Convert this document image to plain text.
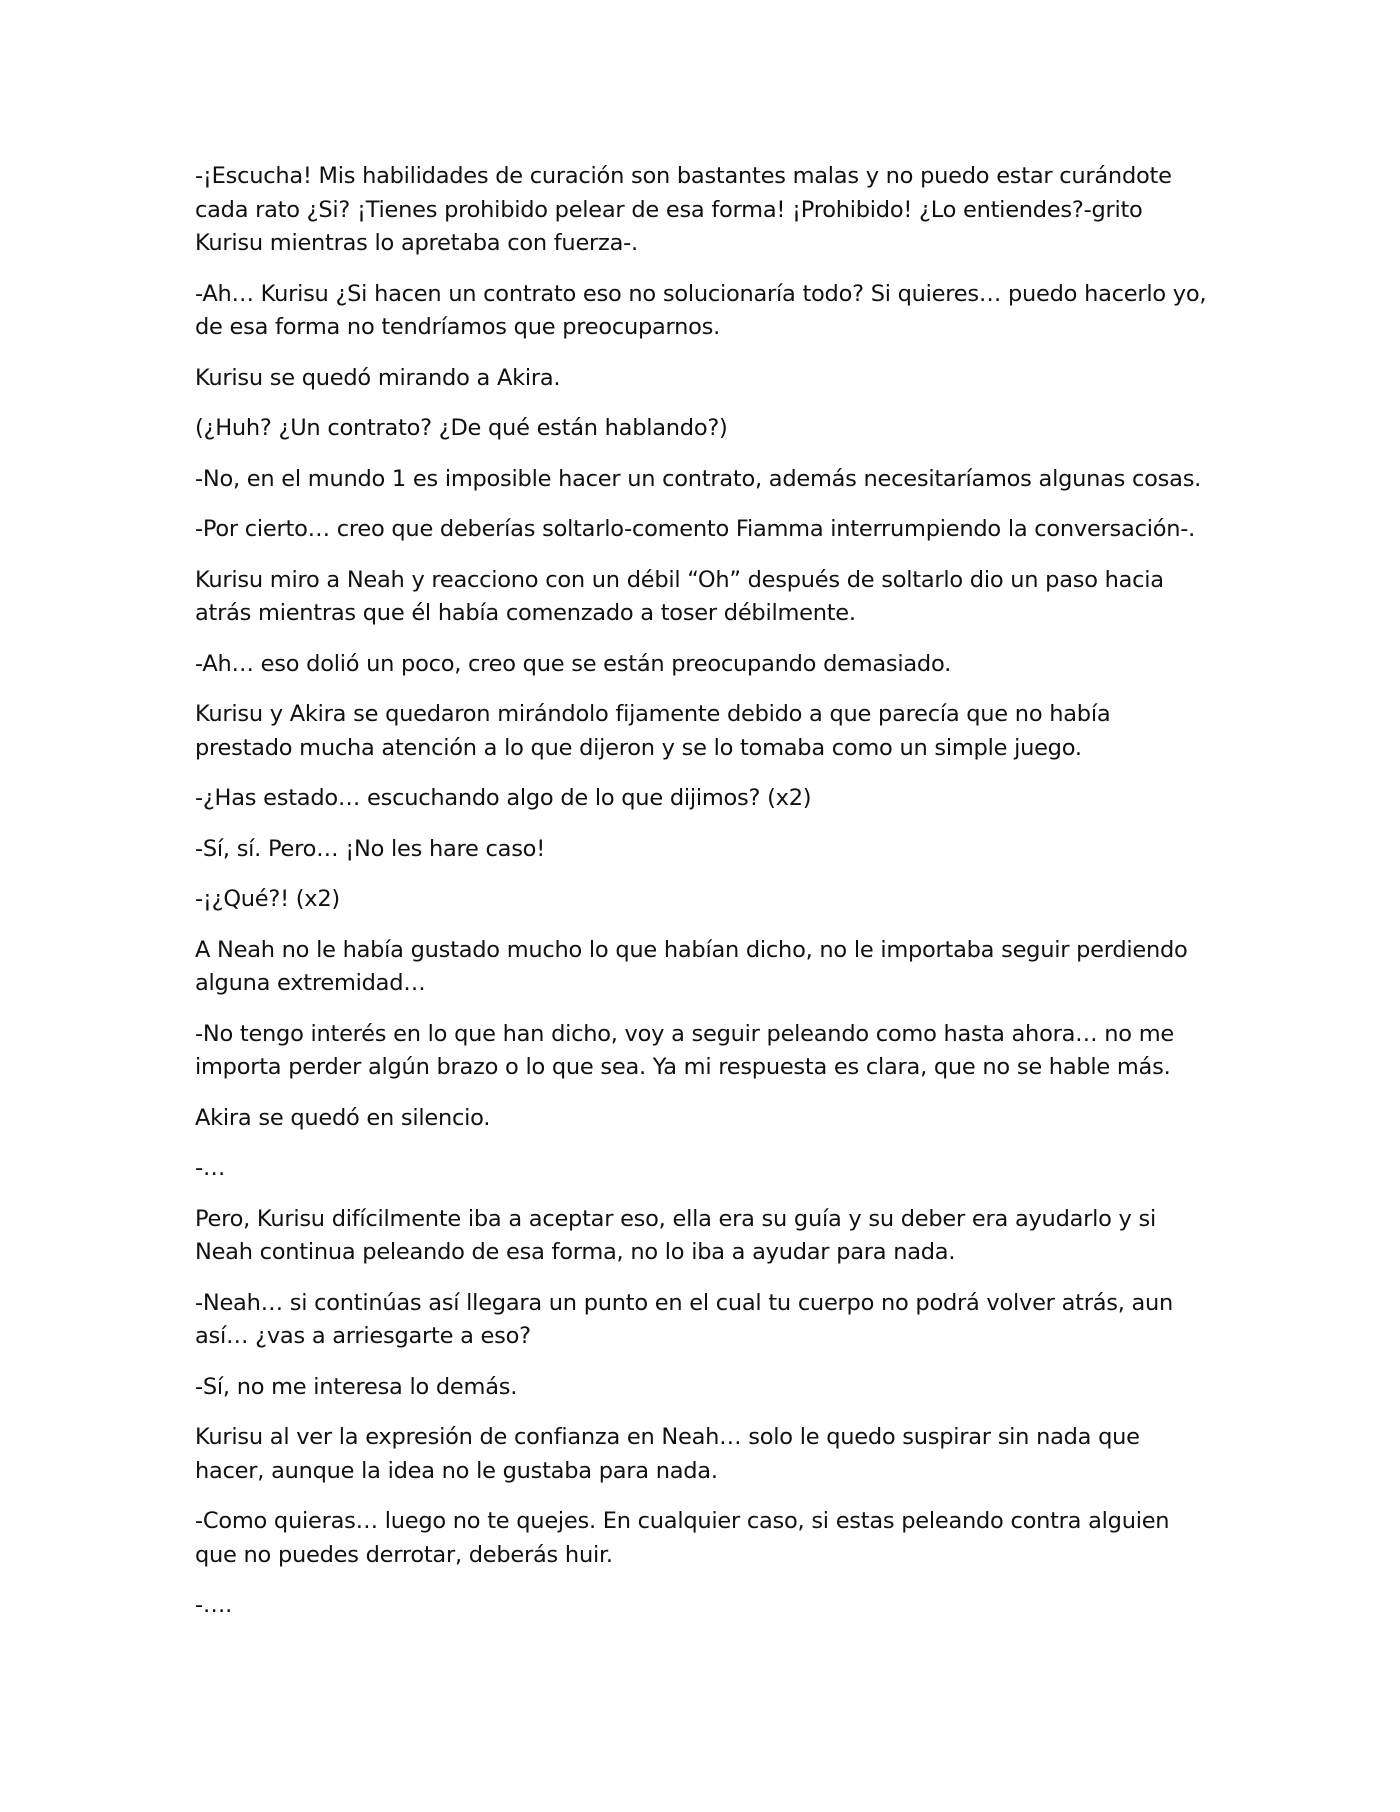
-¡Escucha! Mis habilidades de curación son bastantes malas y no puedo estar curándote cada rato ¿Si? ¡Tienes prohibido pelear de esa forma! ¡Prohibido! ¿Lo entiendes?-grito Kurisu mientras lo apretaba con fuerza-.

-Ah… Kurisu ¿Si hacen un contrato eso no solucionaría todo? Si quieres… puedo hacerlo yo, de esa forma no tendríamos que preocuparnos.

Kurisu se quedó mirando a Akira.

(¿Huh? ¿Un contrato? ¿De qué están hablando?)

-No, en el mundo 1 es imposible hacer un contrato, además necesitaríamos algunas cosas.

-Por cierto… creo que deberías soltarlo-comento Fiamma interrumpiendo la conversación-.

Kurisu miro a Neah y reacciono con un débil “Oh” después de soltarlo dio un paso hacia atrás mientras que él había comenzado a toser débilmente.

-Ah… eso dolió un poco, creo que se están preocupando demasiado.

Kurisu y Akira se quedaron mirándolo fijamente debido a que parecía que no había prestado mucha atención a lo que dijeron y se lo tomaba como un simple juego.

-¿Has estado… escuchando algo de lo que dijimos? (x2)

-Sí, sí. Pero… ¡No les hare caso!

-¡¿Qué?! (x2)

A Neah no le había gustado mucho lo que habían dicho, no le importaba seguir perdiendo alguna extremidad…

-No tengo interés en lo que han dicho, voy a seguir peleando como hasta ahora… no me importa perder algún brazo o lo que sea. Ya mi respuesta es clara, que no se hable más.

Akira se quedó en silencio.

-…

Pero, Kurisu difícilmente iba a aceptar eso, ella era su guía y su deber era ayudarlo y si Neah continua peleando de esa forma, no lo iba a ayudar para nada.

-Neah… si continúas así llegara un punto en el cual tu cuerpo no podrá volver atrás, aun así… ¿vas a arriesgarte a eso?

-Sí, no me interesa lo demás.

Kurisu al ver la expresión de confianza en Neah… solo le quedo suspirar sin nada que hacer, aunque la idea no le gustaba para nada.

-Como quieras… luego no te quejes. En cualquier caso, si estas peleando contra alguien que no puedes derrotar, deberás huir.

-….
